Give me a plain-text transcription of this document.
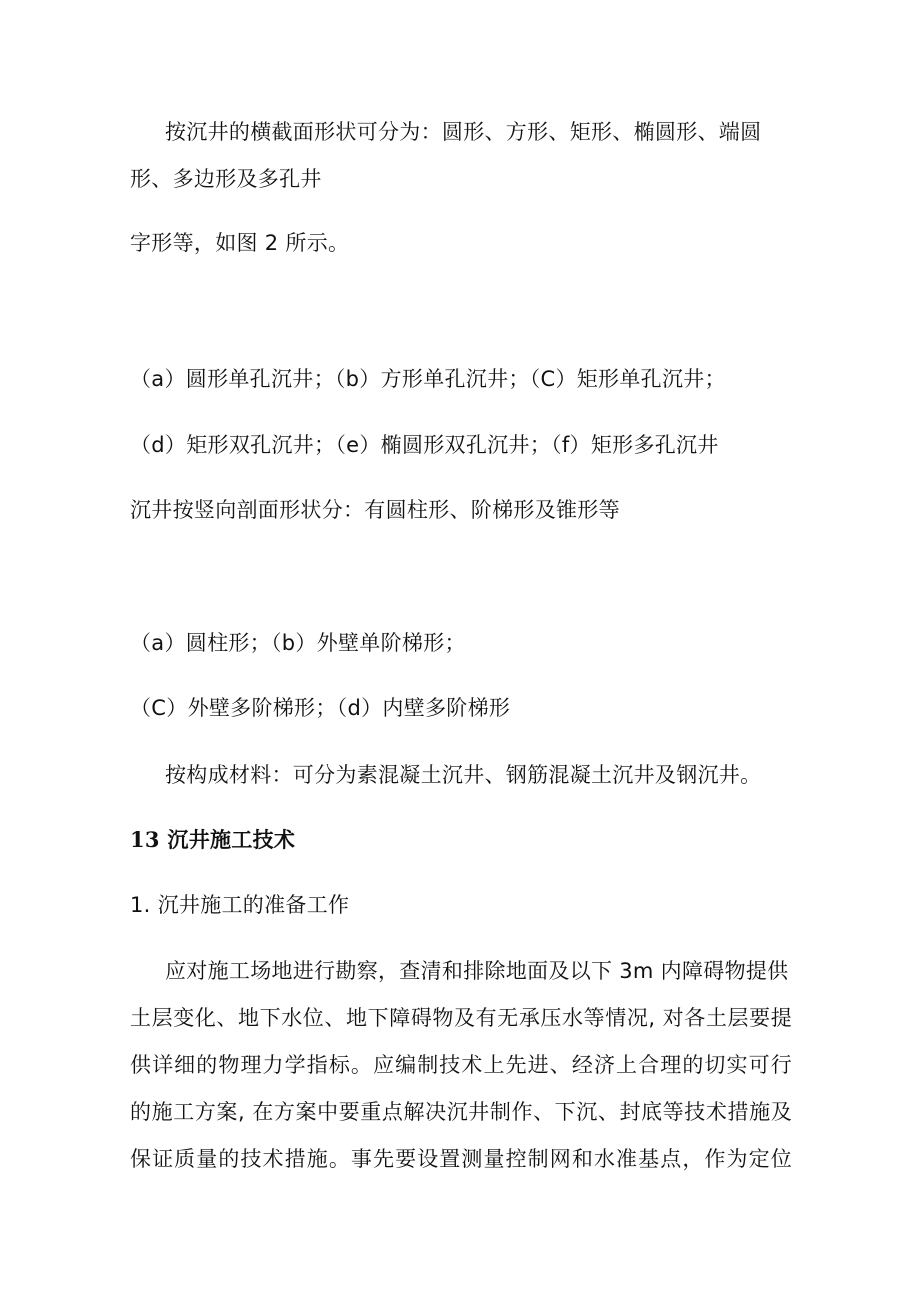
按沉井的横截面形状可分为：圆形、方形、矩形、椭圆形、端圆
形、多边形及多孔井
字形等，如图 2 所示。
（a）圆形单孔沉井；（b）方形单孔沉井；（C）矩形单孔沉井；
（d）矩形双孔沉井；（e）椭圆形双孔沉井；（f）矩形多孔沉井
沉井按竖向剖面形状分：有圆柱形、阶梯形及锥形等
（a）圆柱形；（b）外壁单阶梯形；
（C）外壁多阶梯形；（d）内壁多阶梯形
按构成材料：可分为素混凝土沉井、钢筋混凝土沉井及钢沉井。
13 沉井施工技术
1. 沉井施工的准备工作
应对施工场地进行勘察，查清和排除地面及以下 3m 内障碍物提供
土层变化、地下水位、地下障碍物及有无承压水等情况, 对各土层要提
供详细的物理力学指标。应编制技术上先进、经济上合理的切实可行
的施工方案, 在方案中要重点解决沉井制作、下沉、封底等技术措施及
保证质量的技术措施。事先要设置测量控制网和水准基点，作为定位
